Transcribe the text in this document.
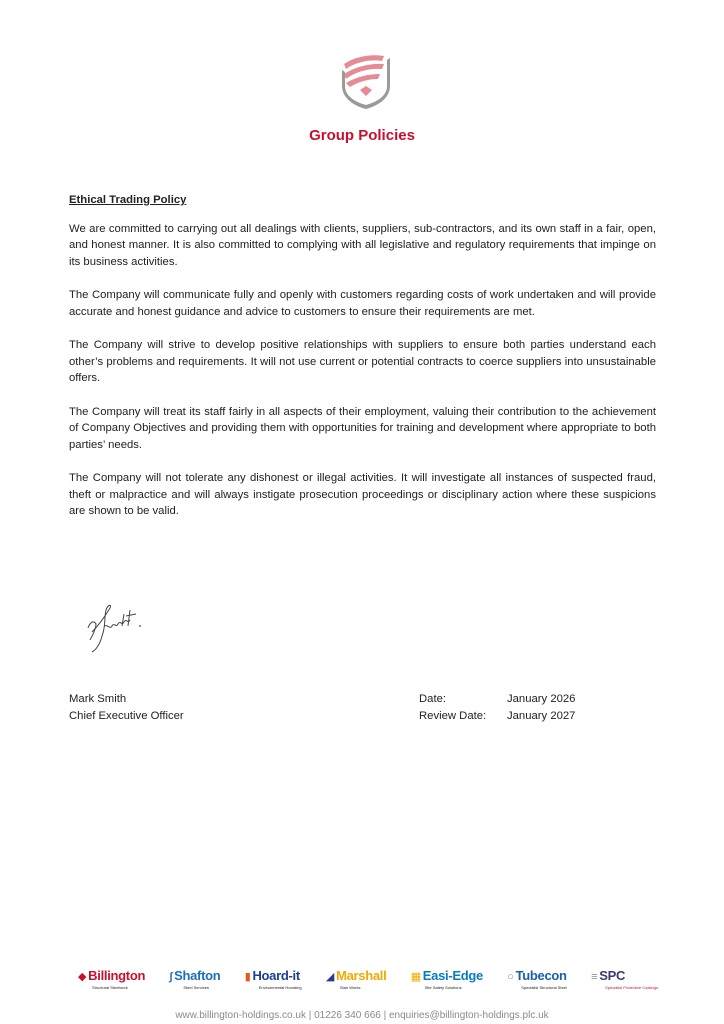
Group Policies
Ethical Trading Policy

We are committed to carrying out all dealings with clients, suppliers, sub-contractors, and its own staff in a fair, open, and honest manner. It is also committed to complying with all legislative and regulatory requirements that impinge on its business activities.

The Company will communicate fully and openly with customers regarding costs of work undertaken and will provide accurate and honest guidance and advice to customers to ensure their requirements are met.

The Company will strive to develop positive relationships with suppliers to ensure both parties understand each other’s problems and requirements. It will not use current or potential contracts to coerce suppliers into unsustainable offers.

The Company will treat its staff fairly in all aspects of their employment, valuing their contribution to the achievement of Company Objectives and providing them with opportunities for training and development where appropriate to both parties’ needs.

The Company will not tolerate any dishonest or illegal activities. It will investigate all instances of suspected fraud, theft or malpractice and will always instigate prosecution proceedings or disciplinary action where these suspicions are shown to be valid.

Mark Smith
Chief Executive Officer
Date:	January 2026
Review Date:	January 2027
◆ Billington
Structural Steelwork
∫ Shafton
Steel Services
▮ Hoard-it
Environmental Hoarding
◢ Marshall
Stair Works
▦ Easi-Edge
Site Safety Solutions
○ Tubecon
Specialist Structural Steel
≡ SPC
Specialist Protective Coatings
www.billington-holdings.co.uk | 01226 340 666 | enquiries@billington-holdings.plc.uk
